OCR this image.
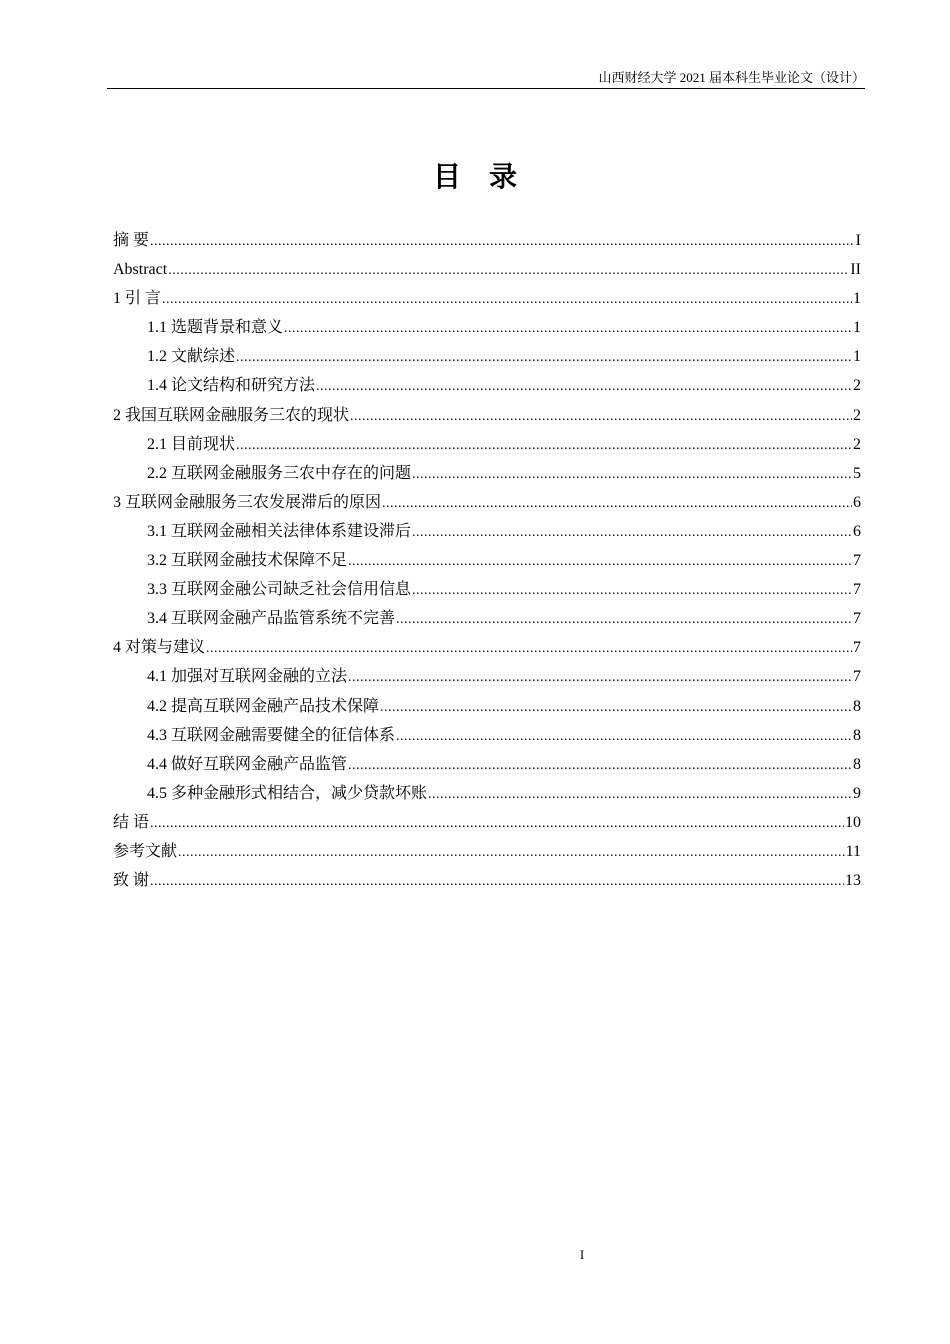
山西财经大学 2021 届本科生毕业论文（设计）
目录
摘 要 .....	I
Abstract .....	II
1 引 言 .....	1
1.1 选题背景和意义 .....	1
1.2 文献综述 .....	1
1.4 论文结构和研究方法 .....	2
2 我国互联网金融服务三农的现状 .....	2
2.1 目前现状 .....	2
2.2 互联网金融服务三农中存在的问题 .....	5
3 互联网金融服务三农发展滞后的原因 .....	6
3.1 互联网金融相关法律体系建设滞后 .....	6
3.2 互联网金融技术保障不足 .....	7
3.3 互联网金融公司缺乏社会信用信息 .....	7
3.4 互联网金融产品监管系统不完善 .....	7
4 对策与建议 .....	7
4.1 加强对互联网金融的立法 .....	7
4.2 提高互联网金融产品技术保障 .....	8
4.3 互联网金融需要健全的征信体系 .....	8
4.4 做好互联网金融产品监管 .....	8
4.5 多种金融形式相结合，减少贷款坏账 .....	9
结 语 .....	10
参考文献 .....	11
致 谢 .....	13
I
